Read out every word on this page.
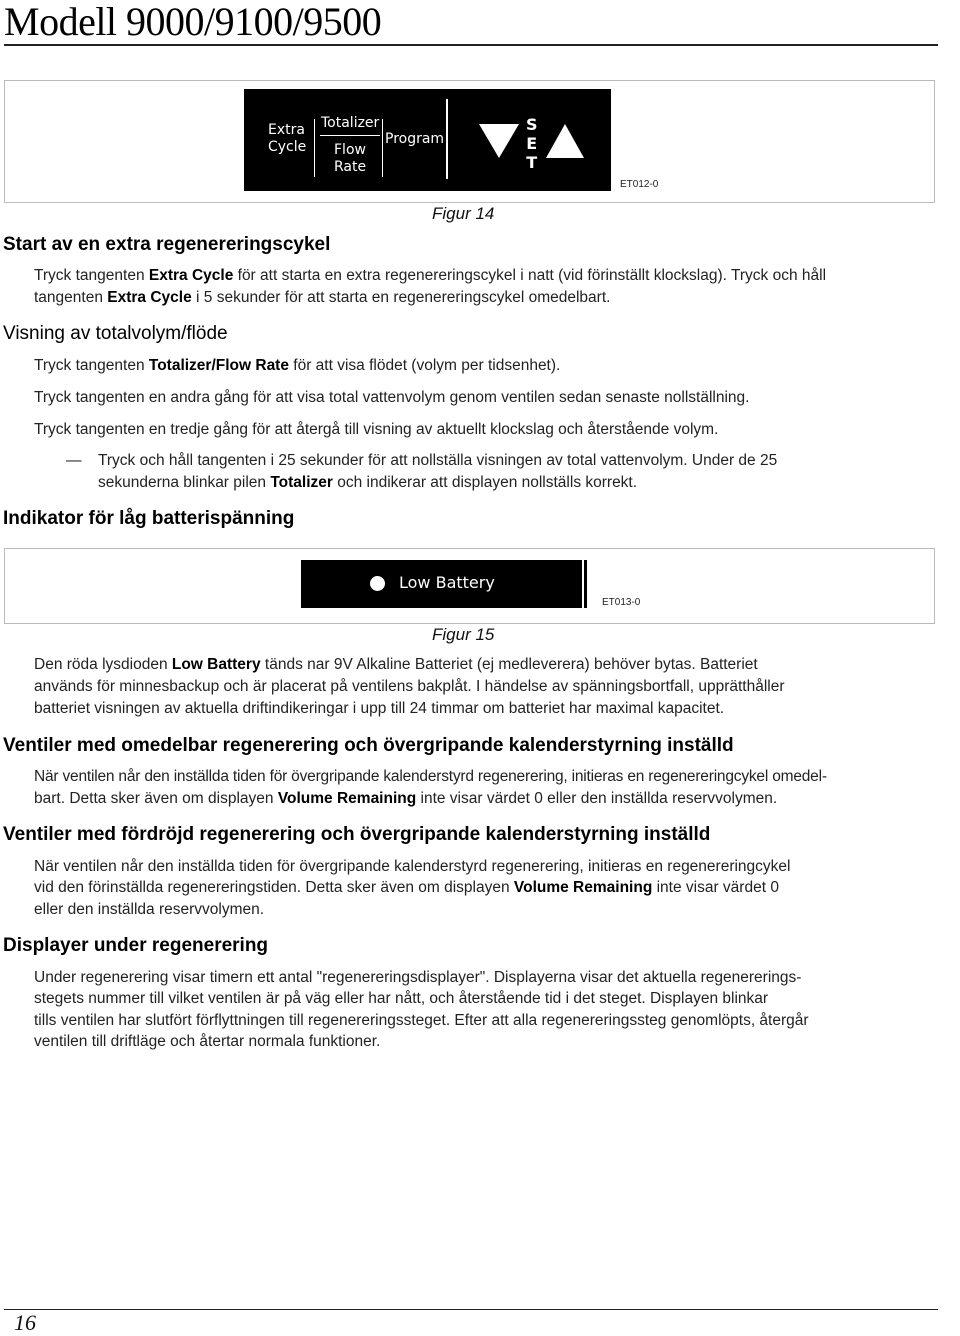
Modell 9000/9100/9500
Extra
Cycle
Totalizer
Flow
Rate
Program
S
E
T
ET012-0
Figur 14
Start av en extra regenereringscykel
Tryck tangenten Extra Cycle för att starta en extra regenereringscykel i natt (vid förinställt klockslag). Tryck och håll
tangenten Extra Cycle i 5 sekunder för att starta en regenereringscykel omedelbart.
Visning av totalvolym/flöde
Tryck tangenten Totalizer/Flow Rate för att visa flödet (volym per tidsenhet).
Tryck tangenten en andra gång för att visa total vattenvolym genom ventilen sedan senaste nollställning.
Tryck tangenten en tredje gång för att återgå till visning av aktuellt klockslag och återstående volym.
— Tryck och håll tangenten i 25 sekunder för att nollställa visningen av total vattenvolym. Under de 25
sekunderna blinkar pilen Totalizer och indikerar att displayen nollställs korrekt.
Indikator för låg batterispänning
Low Battery
ET013-0
Figur 15
Den röda lysdioden Low Battery tänds nar 9V Alkaline Batteriet (ej medleverera) behöver bytas. Batteriet
används för minnesbackup och är placerat på ventilens bakplåt. I händelse av spänningsbortfall, upprätthåller
batteriet visningen av aktuella driftindikeringar i upp till 24 timmar om batteriet har maximal kapacitet.
Ventiler med omedelbar regenerering och övergripande kalenderstyrning inställd
När ventilen når den inställda tiden för övergripande kalenderstyrd regenerering, initieras en regenereringcykel omedel-
bart. Detta sker även om displayen Volume Remaining inte visar värdet 0 eller den inställda reservvolymen.
Ventiler med fördröjd regenerering och övergripande kalenderstyrning inställd
När ventilen når den inställda tiden för övergripande kalenderstyrd regenerering, initieras en regenereringcykel
vid den förinställda regenereringstiden. Detta sker även om displayen Volume Remaining inte visar värdet 0
eller den inställda reservvolymen.
Displayer under regenerering
Under regenerering visar timern ett antal "regenereringsdisplayer". Displayerna visar det aktuella regenererings-
stegets nummer till vilket ventilen är på väg eller har nått, och återstående tid i det steget. Displayen blinkar
tills ventilen har slutfört förflyttningen till regenereringssteget. Efter att alla regenereringssteg genomlöpts, återgår
ventilen till driftläge och återtar normala funktioner.
16
